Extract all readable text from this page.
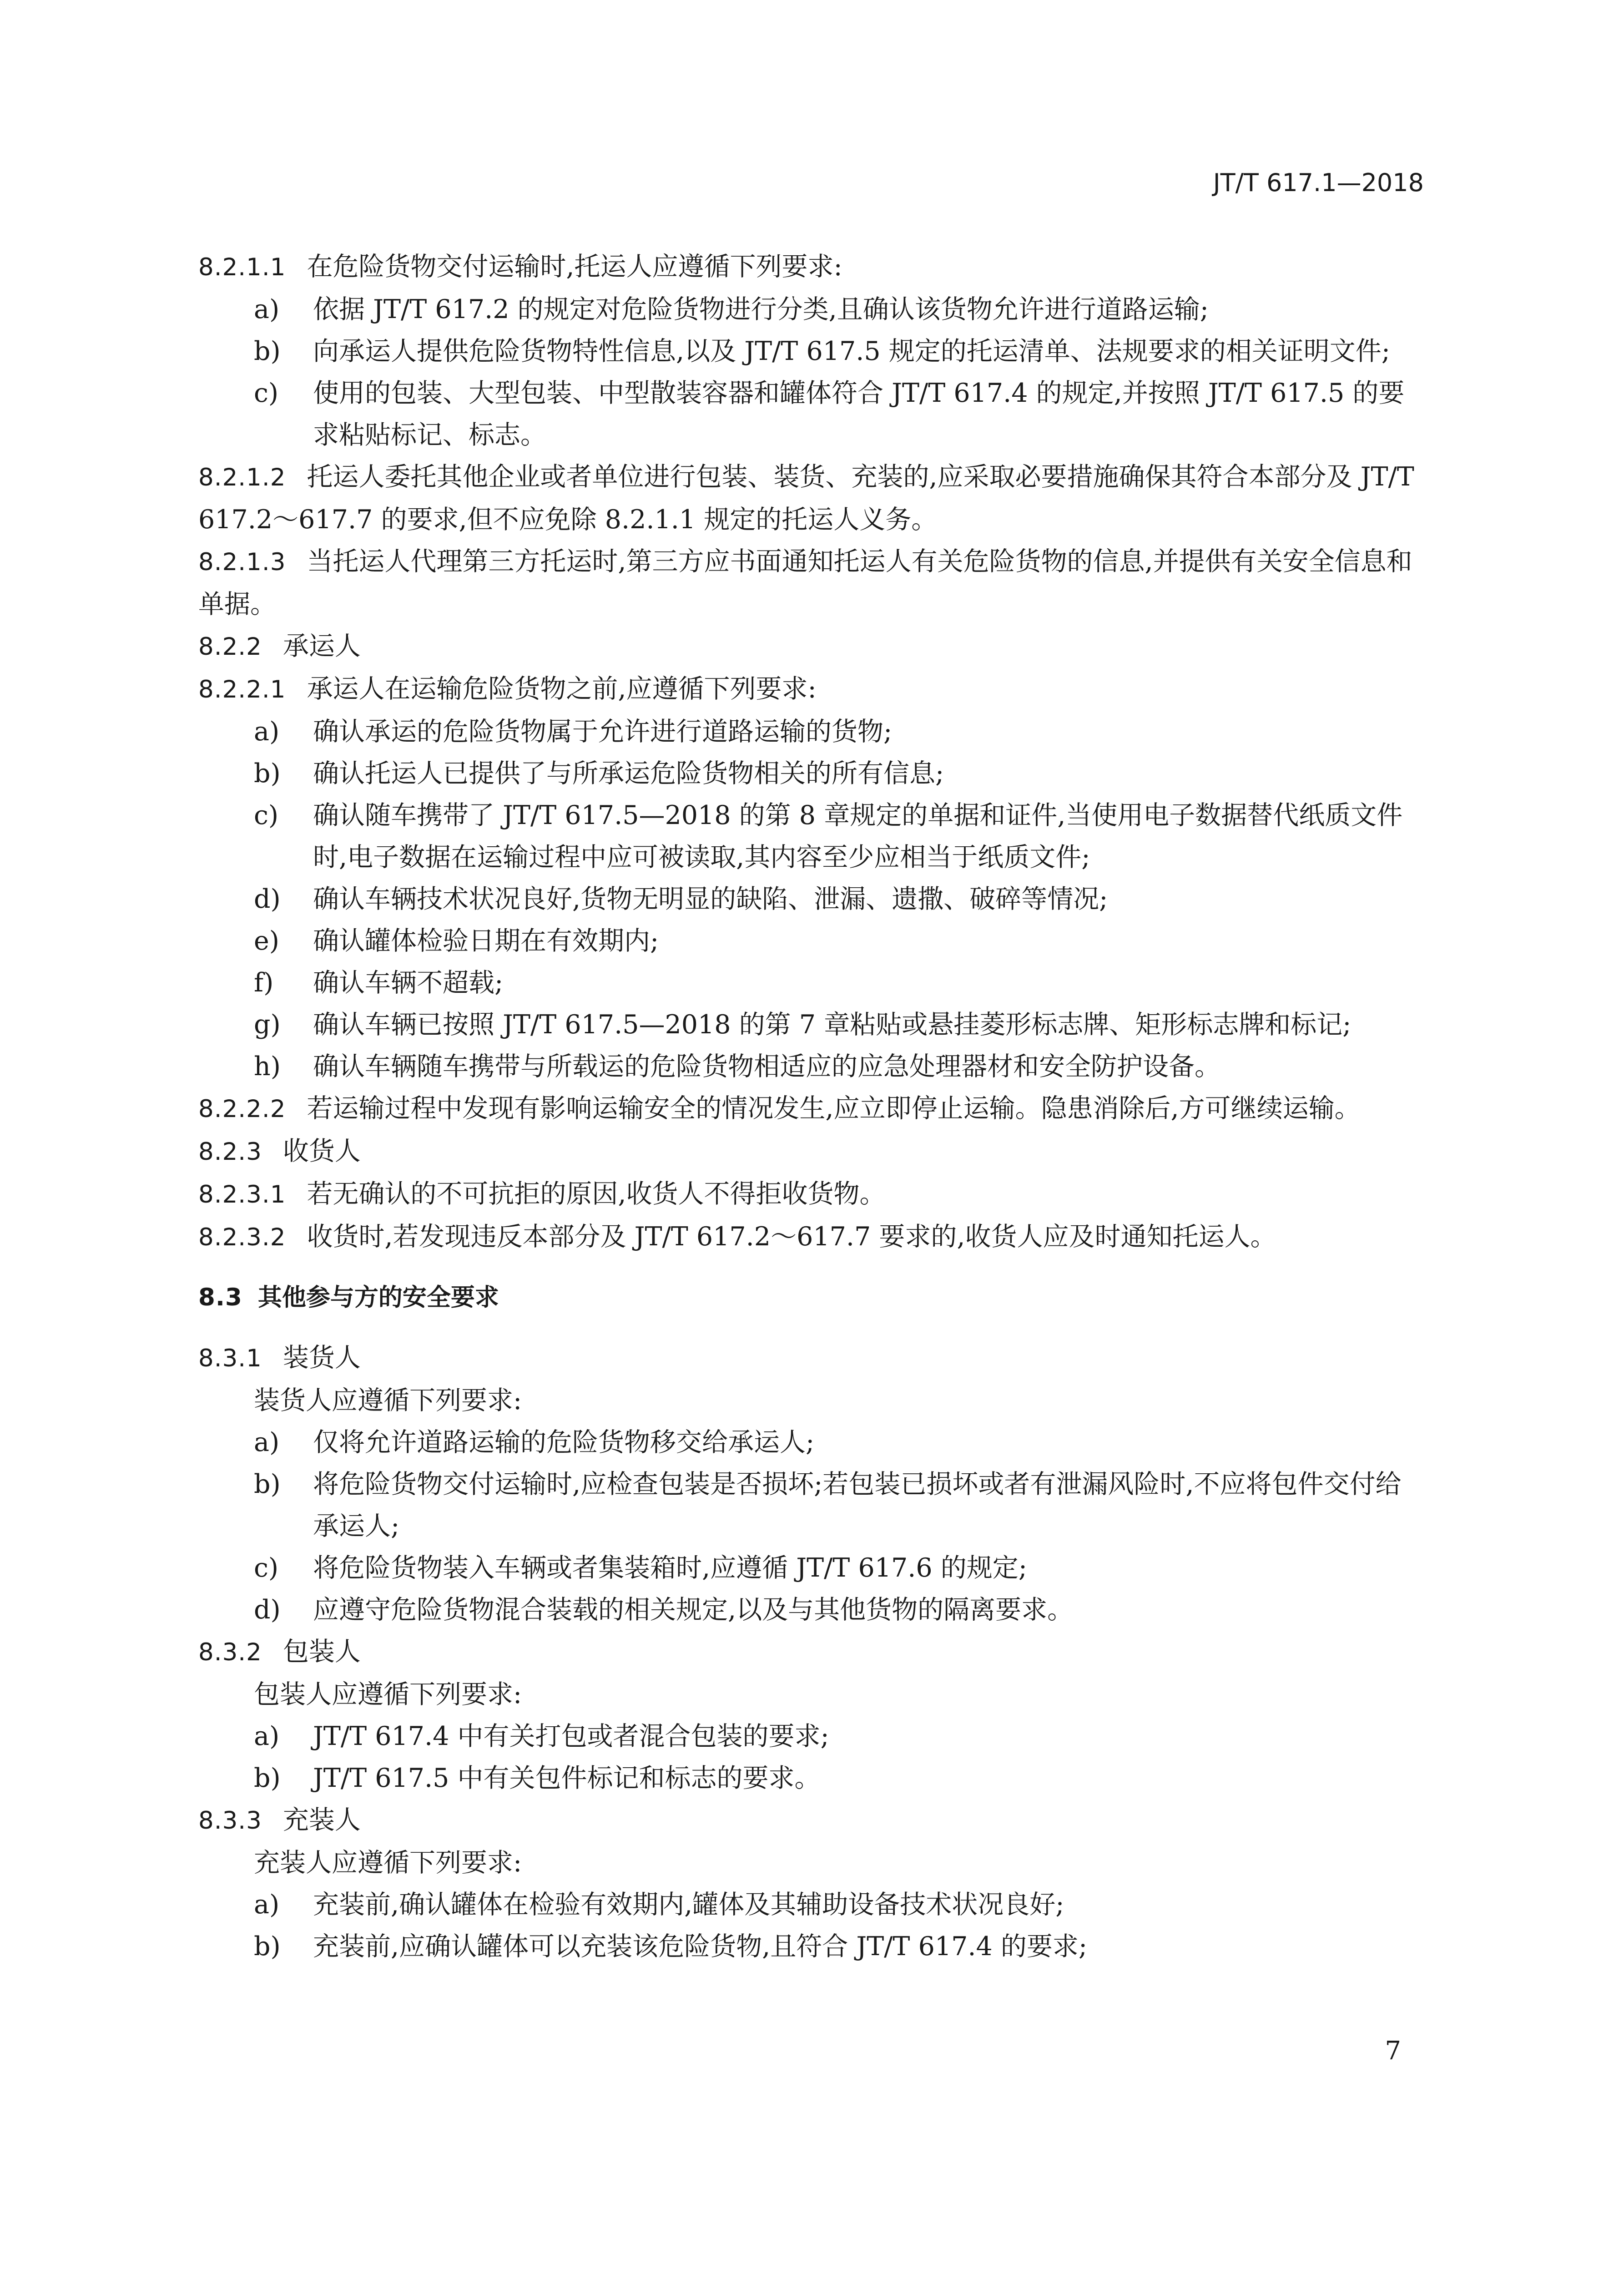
JT/T 617.1—2018

8.2.1.1 在危险货物交付运输时,托运人应遵循下列要求:

a)	依据 JT/T 617.2 的规定对危险货物进行分类,且确认该货物允许进行道路运输;
b)	向承运人提供危险货物特性信息,以及 JT/T 617.5 规定的托运清单、法规要求的相关证明文件;
c)	使用的包装、大型包装、中型散装容器和罐体符合 JT/T 617.4 的规定,并按照 JT/T 617.5 的要求粘贴标记、标志。

8.2.1.2 托运人委托其他企业或者单位进行包装、装货、充装的,应采取必要措施确保其符合本部分及 JT/T 617.2～617.7 的要求,但不应免除 8.2.1.1 规定的托运人义务。

8.2.1.3 当托运人代理第三方托运时,第三方应书面通知托运人有关危险货物的信息,并提供有关安全信息和单据。

8.2.2 承运人

8.2.2.1 承运人在运输危险货物之前,应遵循下列要求:

a)	确认承运的危险货物属于允许进行道路运输的货物;
b)	确认托运人已提供了与所承运危险货物相关的所有信息;
c)	确认随车携带了 JT/T 617.5—2018 的第 8 章规定的单据和证件,当使用电子数据替代纸质文件时,电子数据在运输过程中应可被读取,其内容至少应相当于纸质文件;
d)	确认车辆技术状况良好,货物无明显的缺陷、泄漏、遗撒、破碎等情况;
e)	确认罐体检验日期在有效期内;
f)	确认车辆不超载;
g)	确认车辆已按照 JT/T 617.5—2018 的第 7 章粘贴或悬挂菱形标志牌、矩形标志牌和标记;
h)	确认车辆随车携带与所载运的危险货物相适应的应急处理器材和安全防护设备。

8.2.2.2 若运输过程中发现有影响运输安全的情况发生,应立即停止运输。隐患消除后,方可继续运输。

8.2.3 收货人

8.2.3.1 若无确认的不可抗拒的原因,收货人不得拒收货物。

8.2.3.2 收货时,若发现违反本部分及 JT/T 617.2～617.7 要求的,收货人应及时通知托运人。

8.3 其他参与方的安全要求

8.3.1 装货人

装货人应遵循下列要求:

a)	仅将允许道路运输的危险货物移交给承运人;
b)	将危险货物交付运输时,应检查包装是否损坏;若包装已损坏或者有泄漏风险时,不应将包件交付给承运人;
c)	将危险货物装入车辆或者集装箱时,应遵循 JT/T 617.6 的规定;
d)	应遵守危险货物混合装载的相关规定,以及与其他货物的隔离要求。

8.3.2 包装人

包装人应遵循下列要求:

a)	JT/T 617.4 中有关打包或者混合包装的要求;
b)	JT/T 617.5 中有关包件标记和标志的要求。

8.3.3 充装人

充装人应遵循下列要求:

a)	充装前,确认罐体在检验有效期内,罐体及其辅助设备技术状况良好;
b)	充装前,应确认罐体可以充装该危险货物,且符合 JT/T 617.4 的要求;
7
